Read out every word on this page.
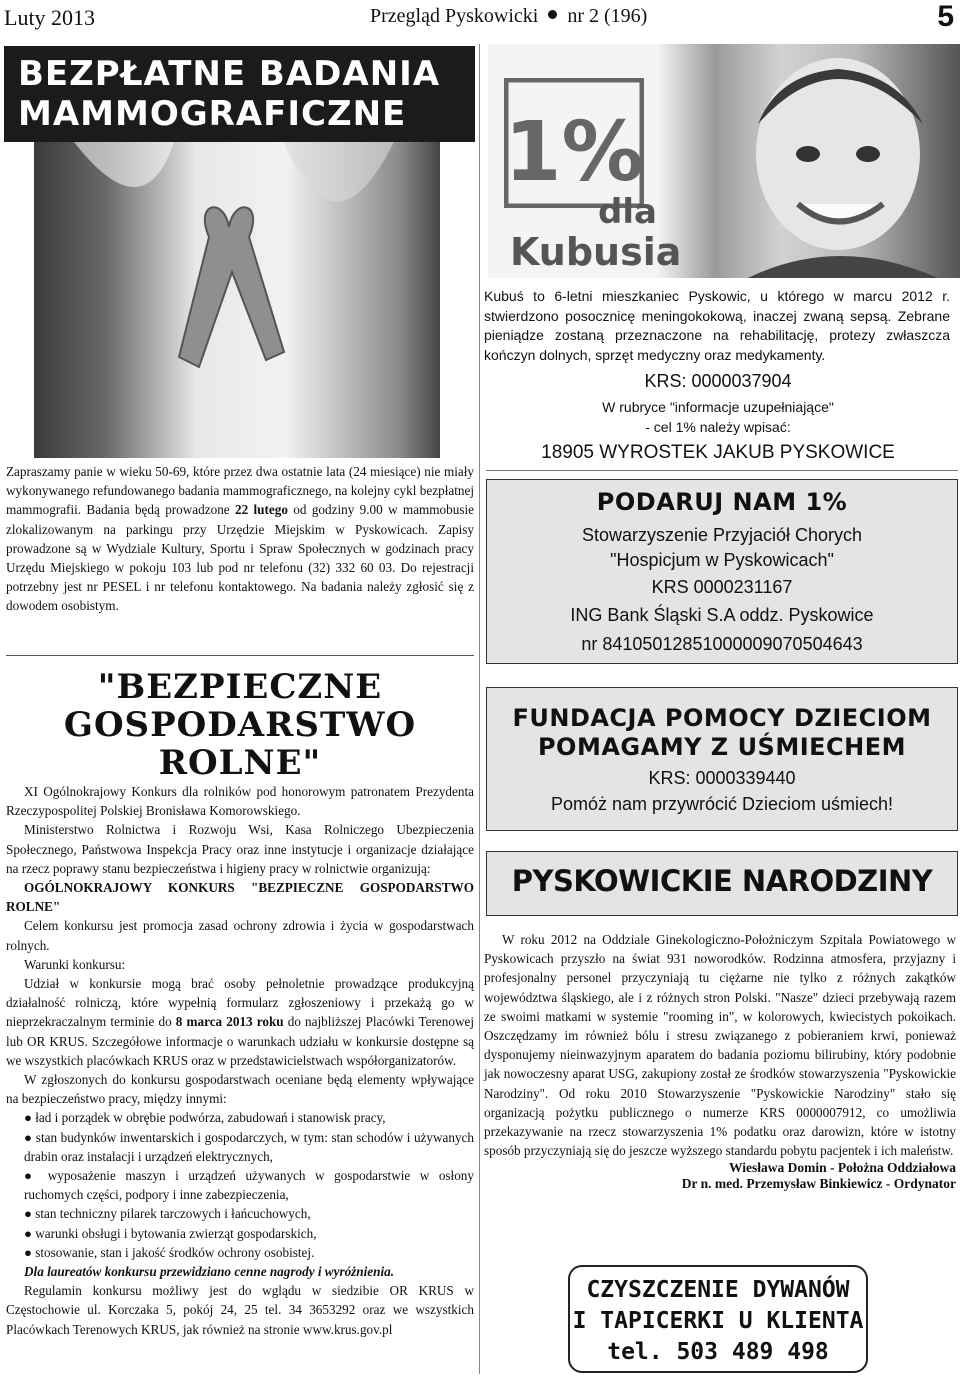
Luty 2013	Przegląd Pyskowicki nr 2 (196)	5
BEZPŁATNE BADANIA
MAMMOGRAFICZNE
Zapraszamy panie w wieku 50-69, które przez dwa ostatnie lata (24 miesiące) nie miały wykonywanego refundowanego badania mammograficznego, na kolejny cykl bezpłatnej mammografii. Badania będą prowadzone 22 lutego od godziny 9.00 w mammobusie zlokalizowanym na parkingu przy Urzędzie Miejskim w Pyskowicach. Zapisy prowadzone są w Wydziale Kultury, Sportu i Spraw Społecznych w godzinach pracy Urzędu Miejskiego w pokoju 103 lub pod nr telefonu (32) 332 60 03. Do rejestracji potrzebny jest nr PESEL i nr telefonu kontaktowego. Na badania należy zgłosić się z dowodem osobistym.
"BEZPIECZNE
GOSPODARSTWO
ROLNE"

XI Ogólnokrajowy Konkurs dla rolników pod honorowym patronatem Prezydenta Rzeczypospolitej Polskiej Bronisława Komorowskiego.

Ministerstwo Rolnictwa i Rozwoju Wsi, Kasa Rolniczego Ubezpieczenia Społecznego, Państwowa Inspekcja Pracy oraz inne instytucje i organizacje działające na rzecz poprawy stanu bezpieczeństwa i higieny pracy w rolnictwie organizują:

OGÓLNOKRAJOWY KONKURS "BEZPIECZNE GOSPODARSTWO ROLNE"

Celem konkursu jest promocja zasad ochrony zdrowia i życia w gospodarstwach rolnych.

Warunki konkursu:

Udział w konkursie mogą brać osoby pełnoletnie prowadzące produkcyjną działalność rolniczą, które wypełnią formularz zgłoszeniowy i przekażą go w nieprzekraczalnym terminie do 8 marca 2013 roku do najbliższej Placówki Terenowej lub OR KRUS. Szczegółowe informacje o warunkach udziału w konkursie dostępne są we wszystkich placówkach KRUS oraz w przedstawicielstwach współorganizatorów.

W zgłoszonych do konkursu gospodarstwach oceniane będą elementy wpływające na bezpieczeństwo pracy, między innymi:

● ład i porządek w obrębie podwórza, zabudowań i stanowisk pracy,

● stan budynków inwentarskich i gospodarczych, w tym: stan schodów i używanych drabin oraz instalacji i urządzeń elektrycznych,

● wyposażenie maszyn i urządzeń używanych w gospodarstwie w osłony ruchomych części, podpory i inne zabezpieczenia,

● stan techniczny pilarek tarczowych i łańcuchowych,

● warunki obsługi i bytowania zwierząt gospodarskich,

● stosowanie, stan i jakość środków ochrony osobistej.

Dla laureatów konkursu przewidziano cenne nagrody i wyróżnienia.

Regulamin konkursu możliwy jest do wglądu w siedzibie OR KRUS w Częstochowie ul. Korczaka 5, pokój 24, 25 tel. 34 3653292 oraz we wszystkich Placówkach Terenowych KRUS, jak również na stronie www.krus.gov.pl

1%
dla
Kubusia
Kubuś to 6-letni mieszkaniec Pyskowic, u którego w marcu 2012 r. stwierdzono posocznicę meningokokową, inaczej zwaną sepsą. Zebrane pieniądze zostaną przeznaczone na rehabilitację, protezy zwłaszcza kończyn dolnych, sprzęt medyczny oraz medykamenty.
KRS: 0000037904
W rubryce "informacje uzupełniające"
- cel 1% należy wpisać:
18905 WYROSTEK JAKUB PYSKOWICE
PODARUJ NAM 1%
Stowarzyszenie Przyjaciół Chorych
"Hospicjum w Pyskowicach"
KRS 0000231167
ING Bank Śląski S.A oddz. Pyskowice
nr 84105012851000009070504643
FUNDACJA POMOCY DZIECIOM
POMAGAMY Z UŚMIECHEM
KRS: 0000339440
Pomóż nam przywrócić Dzieciom uśmiech!
PYSKOWICKIE NARODZINY

W roku 2012 na Oddziale Ginekologiczno-Położniczym Szpitala Powiatowego w Pyskowicach przyszło na świat 931 noworodków. Rodzinna atmosfera, przyjazny i profesjonalny personel przyczyniają tu ciężarne nie tylko z różnych zakątków województwa śląskiego, ale i z różnych stron Polski. "Nasze" dzieci przebywają razem ze swoimi matkami w systemie "rooming in", w kolorowych, kwiecistych pokoikach. Oszczędzamy im również bólu i stresu związanego z pobieraniem krwi, ponieważ dysponujemy nieinwazyjnym aparatem do badania poziomu bilirubiny, który podobnie jak nowoczesny aparat USG, zakupiony został ze środków stowarzyszenia "Pyskowickie Narodziny". Od roku 2010 Stowarzyszenie "Pyskowickie Narodziny" stało się organizacją pożytku publicznego o numerze KRS 0000007912, co umożliwia przekazywanie na rzecz stowarzyszenia 1% podatku oraz darowizn, które w istotny sposób przyczyniają się do jeszcze wyższego standardu pobytu pacjentek i ich maleństw.

Wiesława Domin - Położna Oddziałowa
Dr n. med. Przemysław Binkiewicz - Ordynator
CZYSZCZENIE DYWANÓW
I TAPICERKI U KLIENTA
tel. 503 489 498
